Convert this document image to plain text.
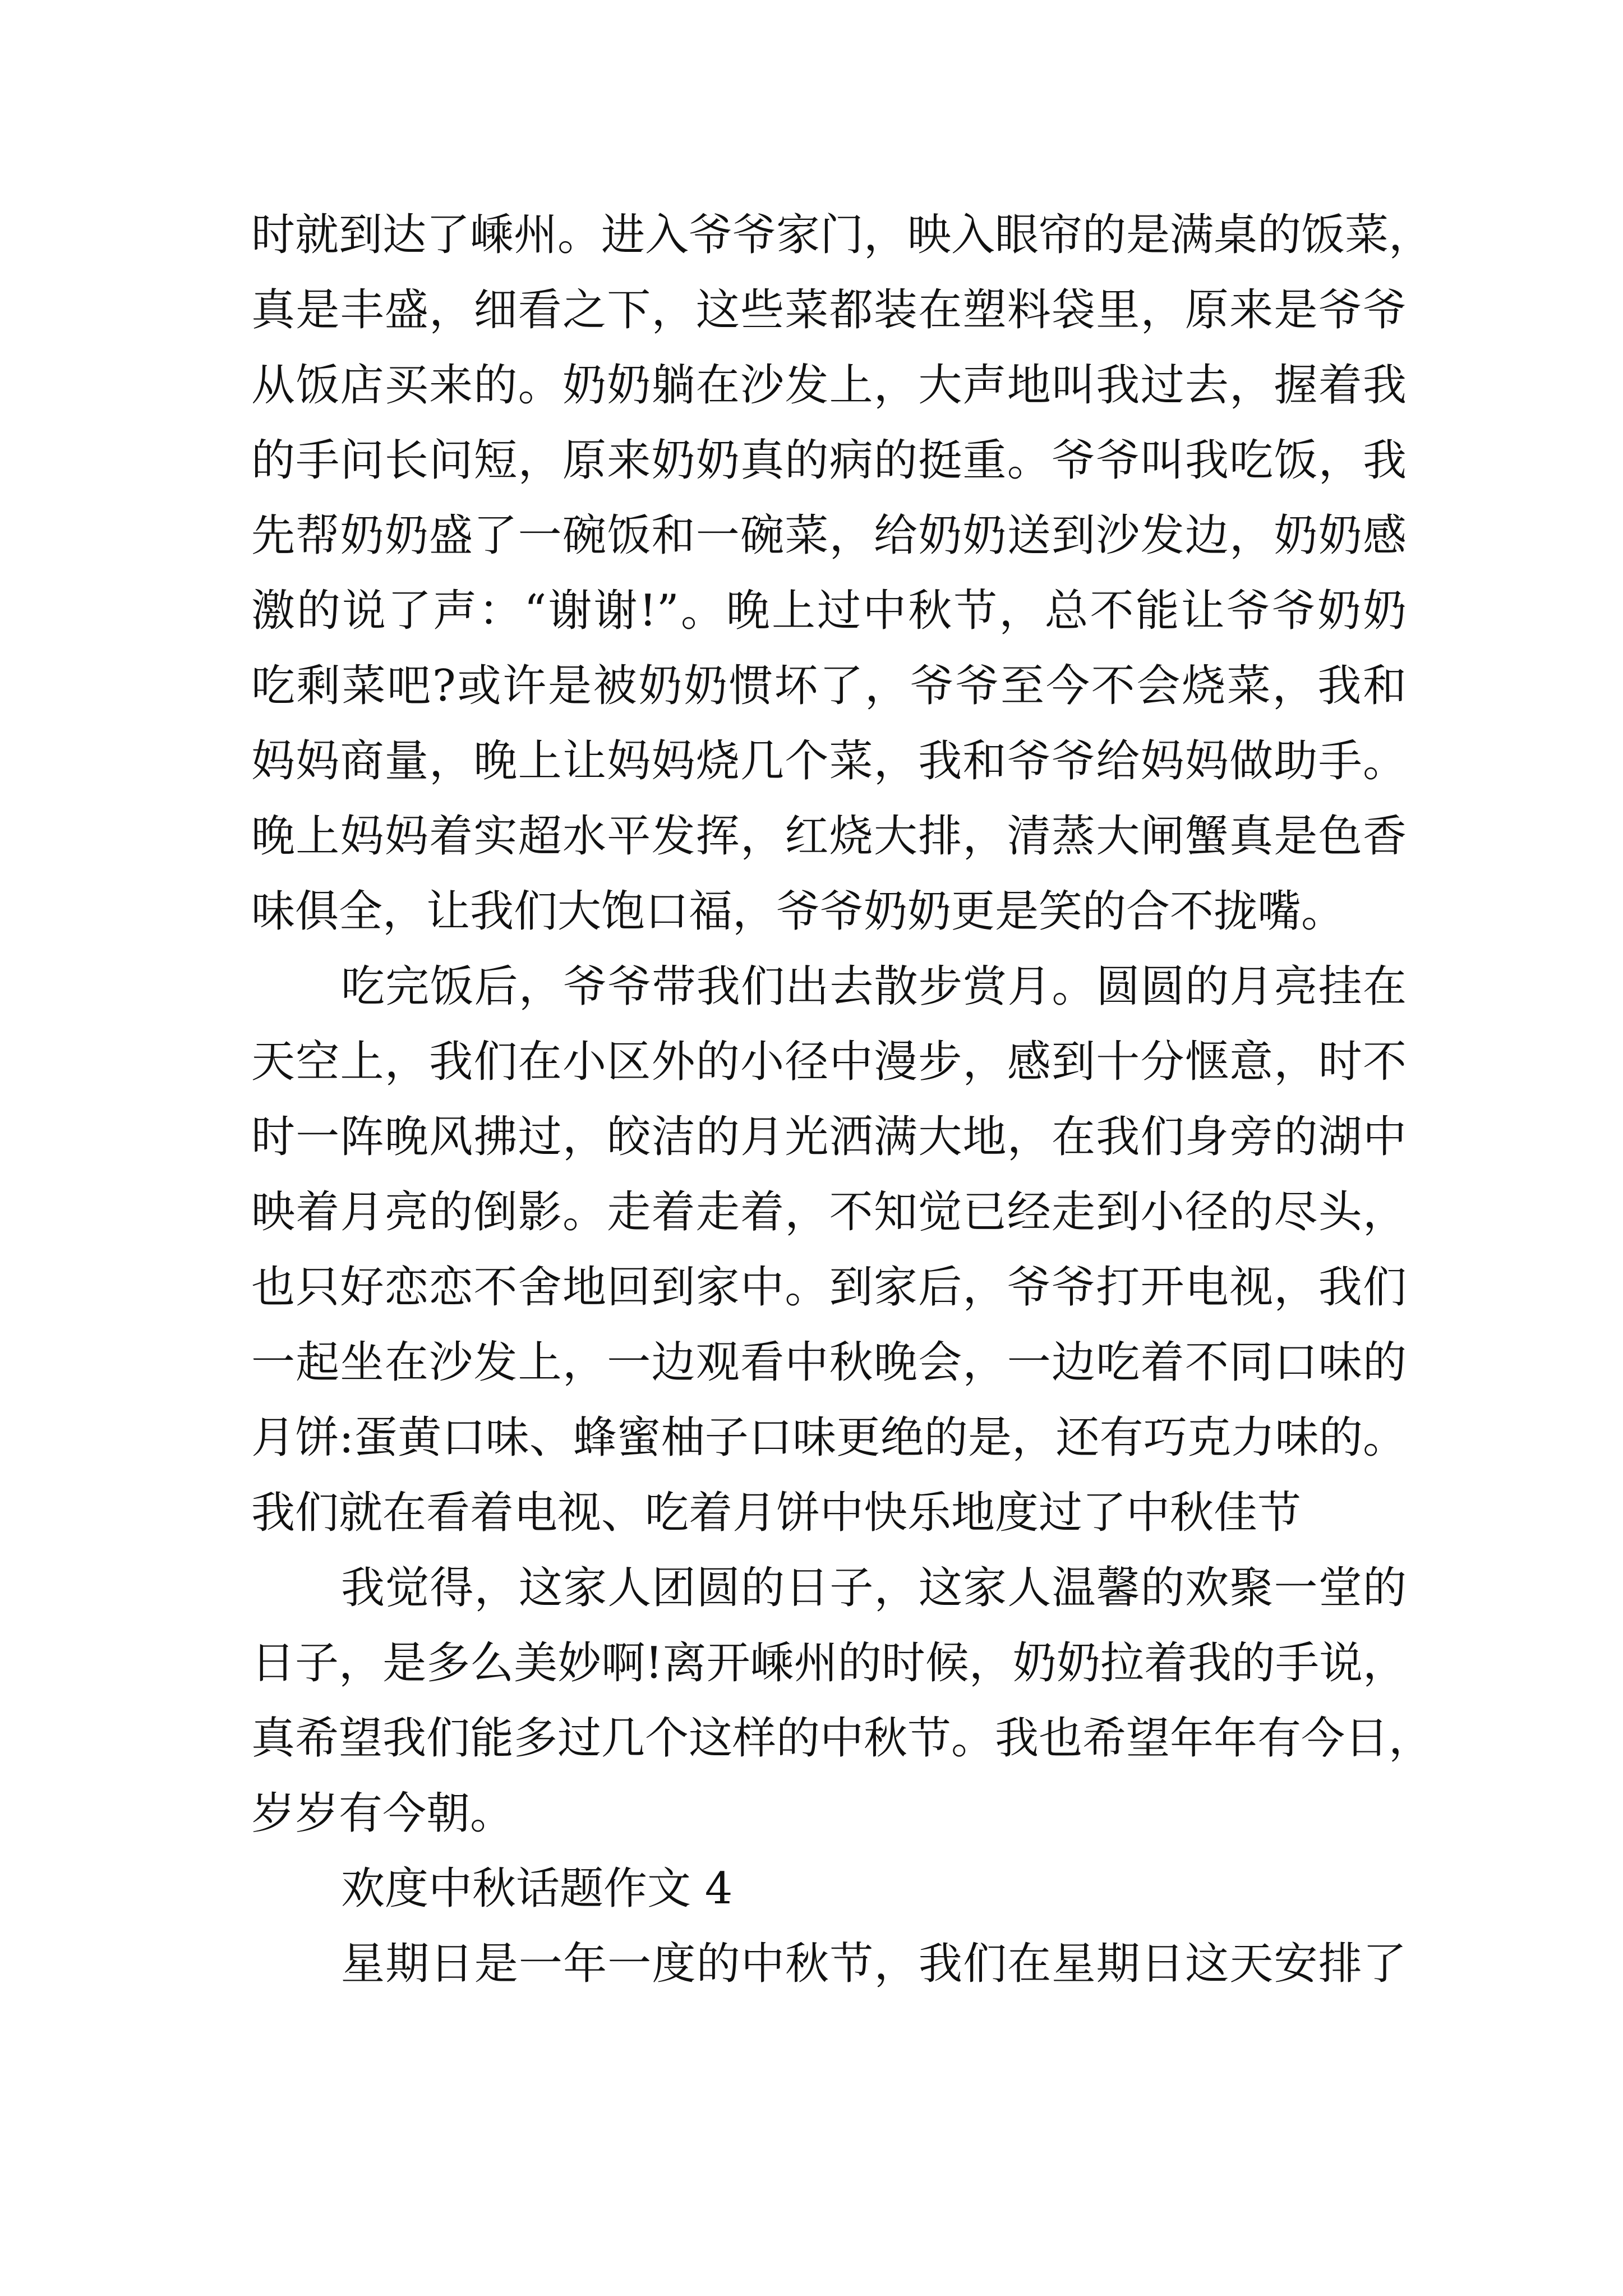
时就到达了嵊州。进入爷爷家门，映入眼帘的是满桌的饭菜，
真是丰盛，细看之下，这些菜都装在塑料袋里，原来是爷爷
从饭店买来的。奶奶躺在沙发上，大声地叫我过去，握着我
的手问长问短，原来奶奶真的病的挺重。爷爷叫我吃饭，我
先帮奶奶盛了一碗饭和一碗菜，给奶奶送到沙发边，奶奶感
激的说了声：“谢谢!”。晚上过中秋节，总不能让爷爷奶奶
吃剩菜吧?或许是被奶奶惯坏了，爷爷至今不会烧菜，我和
妈妈商量，晚上让妈妈烧几个菜，我和爷爷给妈妈做助手。
晚上妈妈着实超水平发挥，红烧大排，清蒸大闸蟹真是色香
味俱全，让我们大饱口福，爷爷奶奶更是笑的合不拢嘴。
吃完饭后，爷爷带我们出去散步赏月。圆圆的月亮挂在
天空上，我们在小区外的小径中漫步，感到十分惬意，时不
时一阵晚风拂过，皎洁的月光洒满大地，在我们身旁的湖中
映着月亮的倒影。走着走着，不知觉已经走到小径的尽头，
也只好恋恋不舍地回到家中。到家后，爷爷打开电视，我们
一起坐在沙发上，一边观看中秋晚会，一边吃着不同口味的
月饼:蛋黄口味、蜂蜜柚子口味更绝的是，还有巧克力味的。
我们就在看着电视、吃着月饼中快乐地度过了中秋佳节
我觉得，这家人团圆的日子，这家人温馨的欢聚一堂的
日子，是多么美妙啊!离开嵊州的时候，奶奶拉着我的手说，
真希望我们能多过几个这样的中秋节。我也希望年年有今日，
岁岁有今朝。
欢度中秋话题作文 4
星期日是一年一度的中秋节，我们在星期日这天安排了
